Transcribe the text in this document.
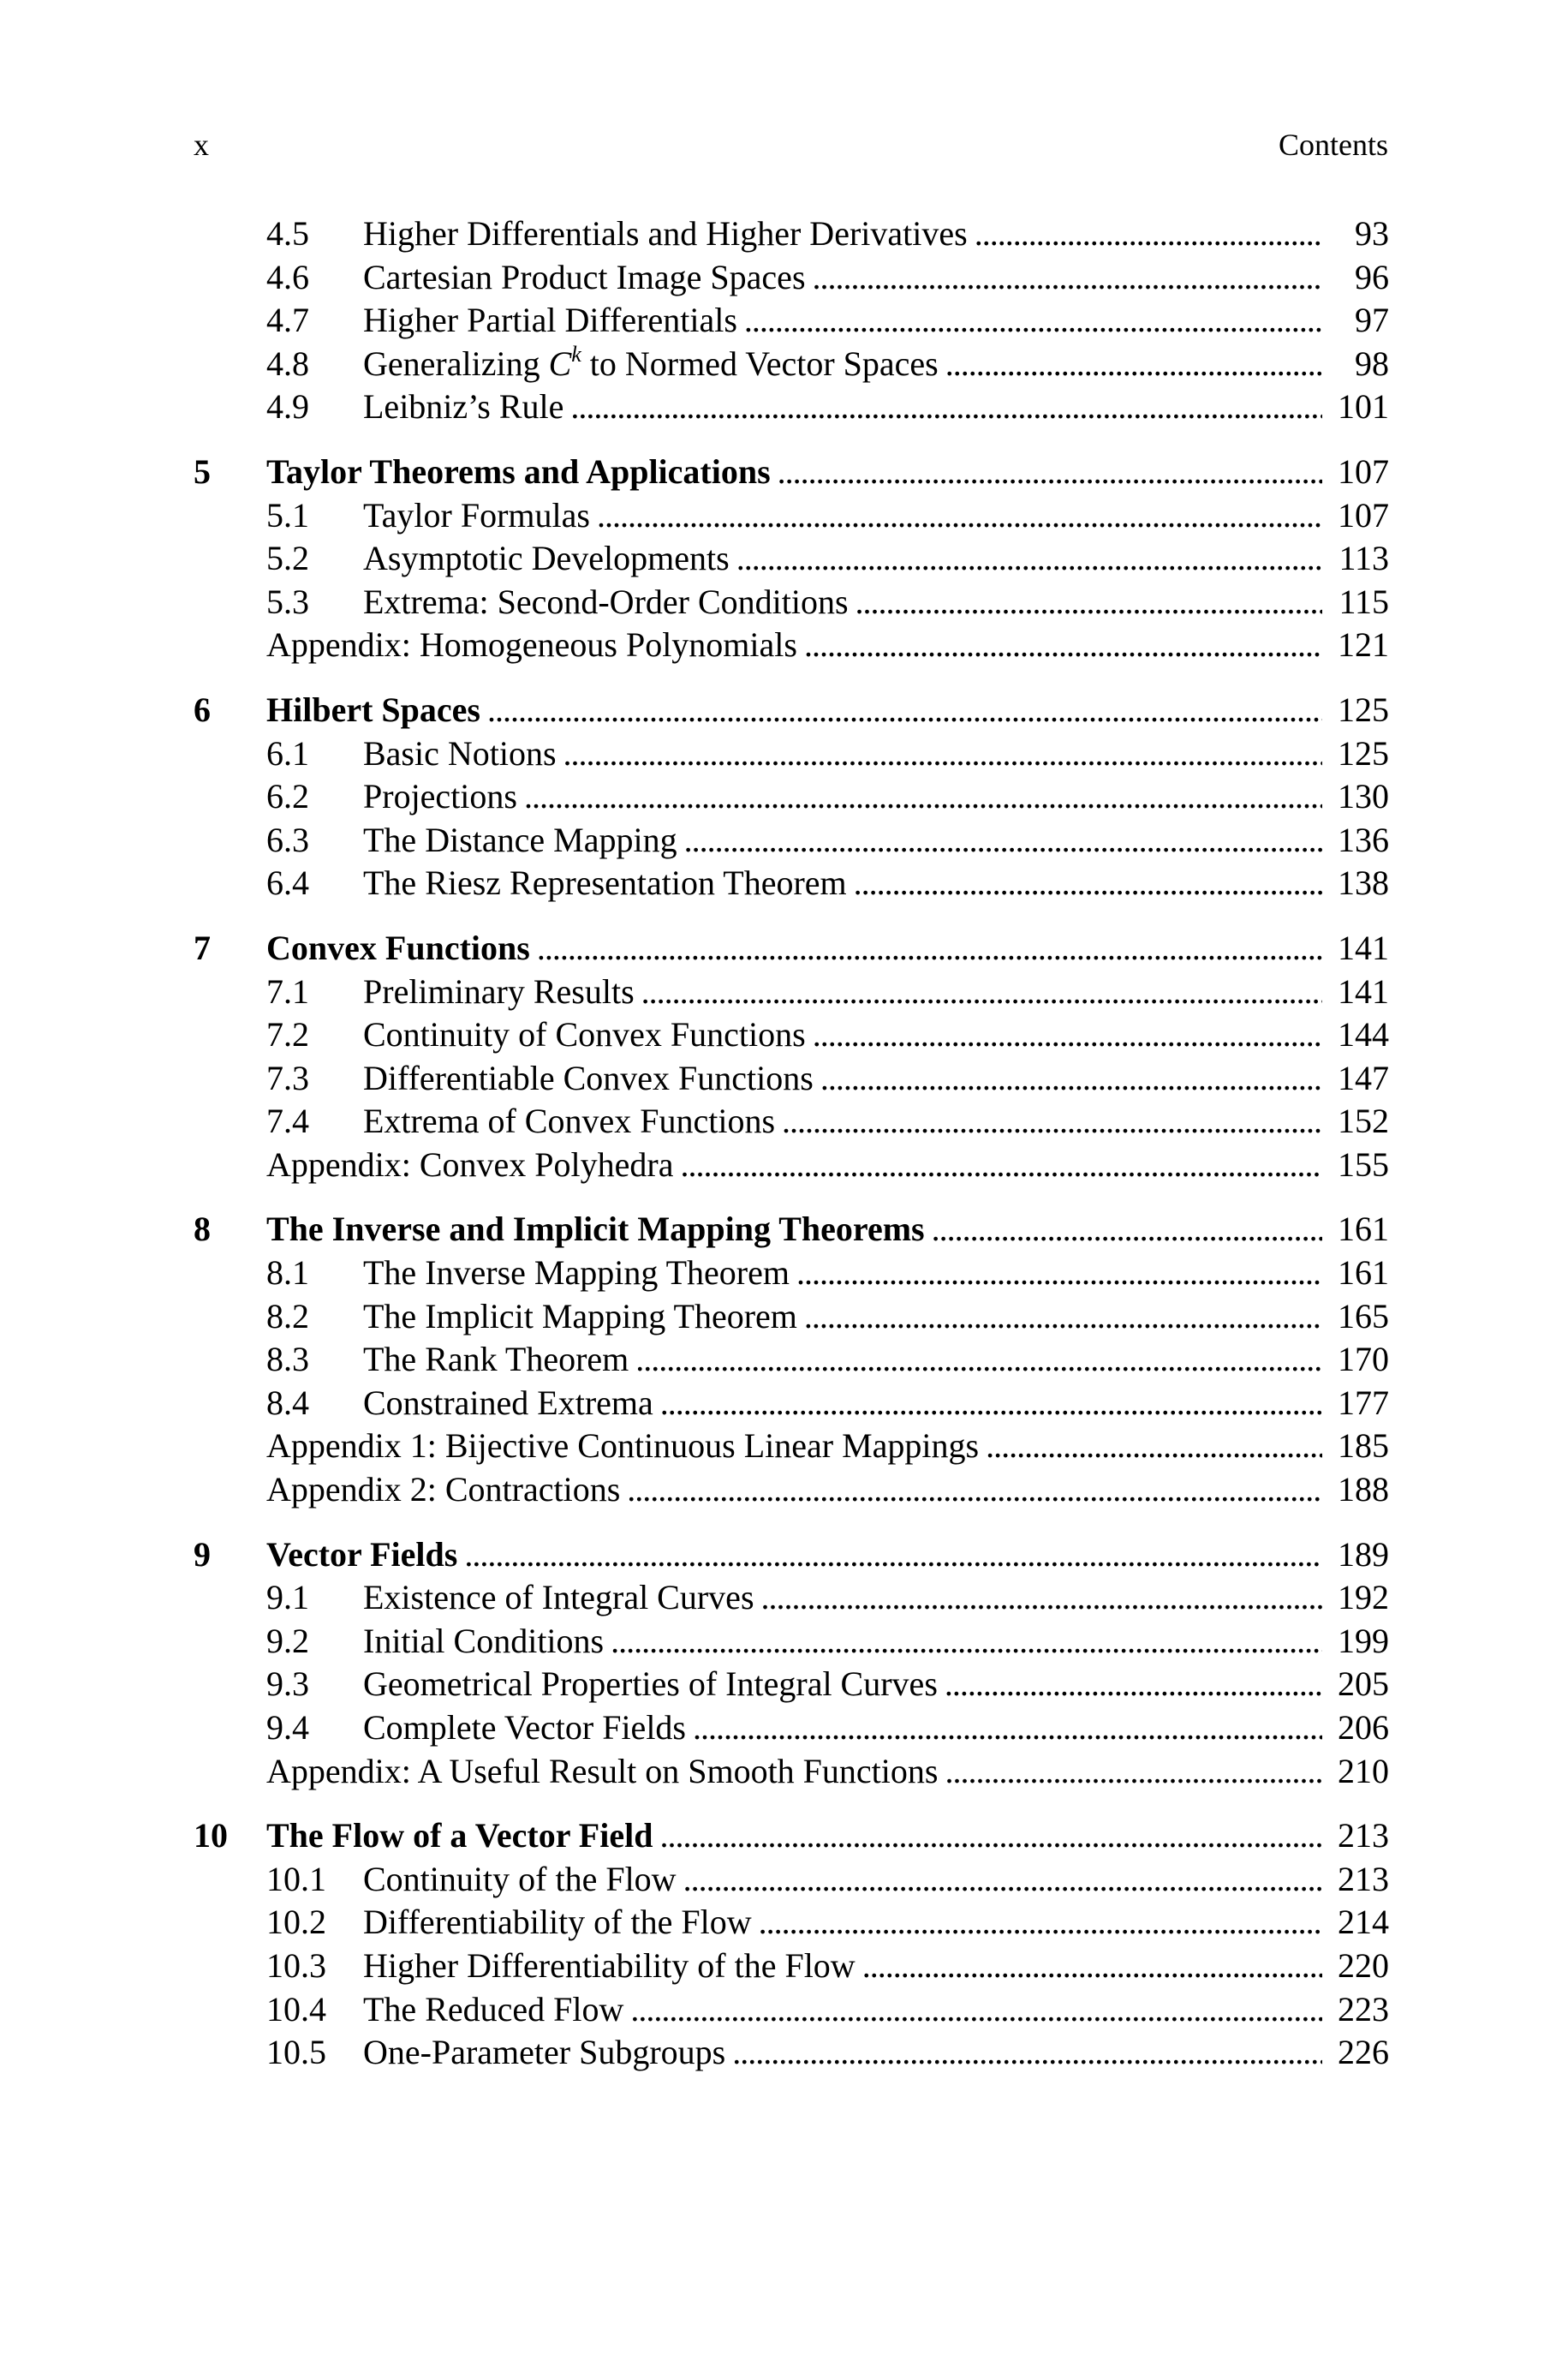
x	Contents
4.5 Higher Differentials and Higher Derivatives . . .	93
4.6 Cartesian Product Image Spaces . . .	96
4.7 Higher Partial Differentials . . .	97
4.8 Generalizing $C^k$ to Normed Vector Spaces . . .	98
4.9 Leibniz’s Rule . . .	101
5 Taylor Theorems and Applications . . .	107
5.1 Taylor Formulas . . .	107
5.2 Asymptotic Developments . . .	113
5.3 Extrema: Second-Order Conditions . . .	115
Appendix: Homogeneous Polynomials . . .	121
6 Hilbert Spaces . . .	125
6.1 Basic Notions . . .	125
6.2 Projections . . .	130
6.3 The Distance Mapping . . .	136
6.4 The Riesz Representation Theorem . . .	138
7 Convex Functions . . .	141
7.1 Preliminary Results . . .	141
7.2 Continuity of Convex Functions . . .	144
7.3 Differentiable Convex Functions . . .	147
7.4 Extrema of Convex Functions . . .	152
Appendix: Convex Polyhedra . . .	155
8 The Inverse and Implicit Mapping Theorems . . .	161
8.1 The Inverse Mapping Theorem . . .	161
8.2 The Implicit Mapping Theorem . . .	165
8.3 The Rank Theorem . . .	170
8.4 Constrained Extrema . . .	177
Appendix 1: Bijective Continuous Linear Mappings . . .	185
Appendix 2: Contractions . . .	188
9 Vector Fields . . .	189
9.1 Existence of Integral Curves . . .	192
9.2 Initial Conditions . . .	199
9.3 Geometrical Properties of Integral Curves . . .	205
9.4 Complete Vector Fields . . .	206
Appendix: A Useful Result on Smooth Functions . . .	210
10 The Flow of a Vector Field . . .	213
10.1 Continuity of the Flow . . .	213
10.2 Differentiability of the Flow . . .	214
10.3 Higher Differentiability of the Flow . . .	220
10.4 The Reduced Flow . . .	223
10.5 One-Parameter Subgroups . . .	226
